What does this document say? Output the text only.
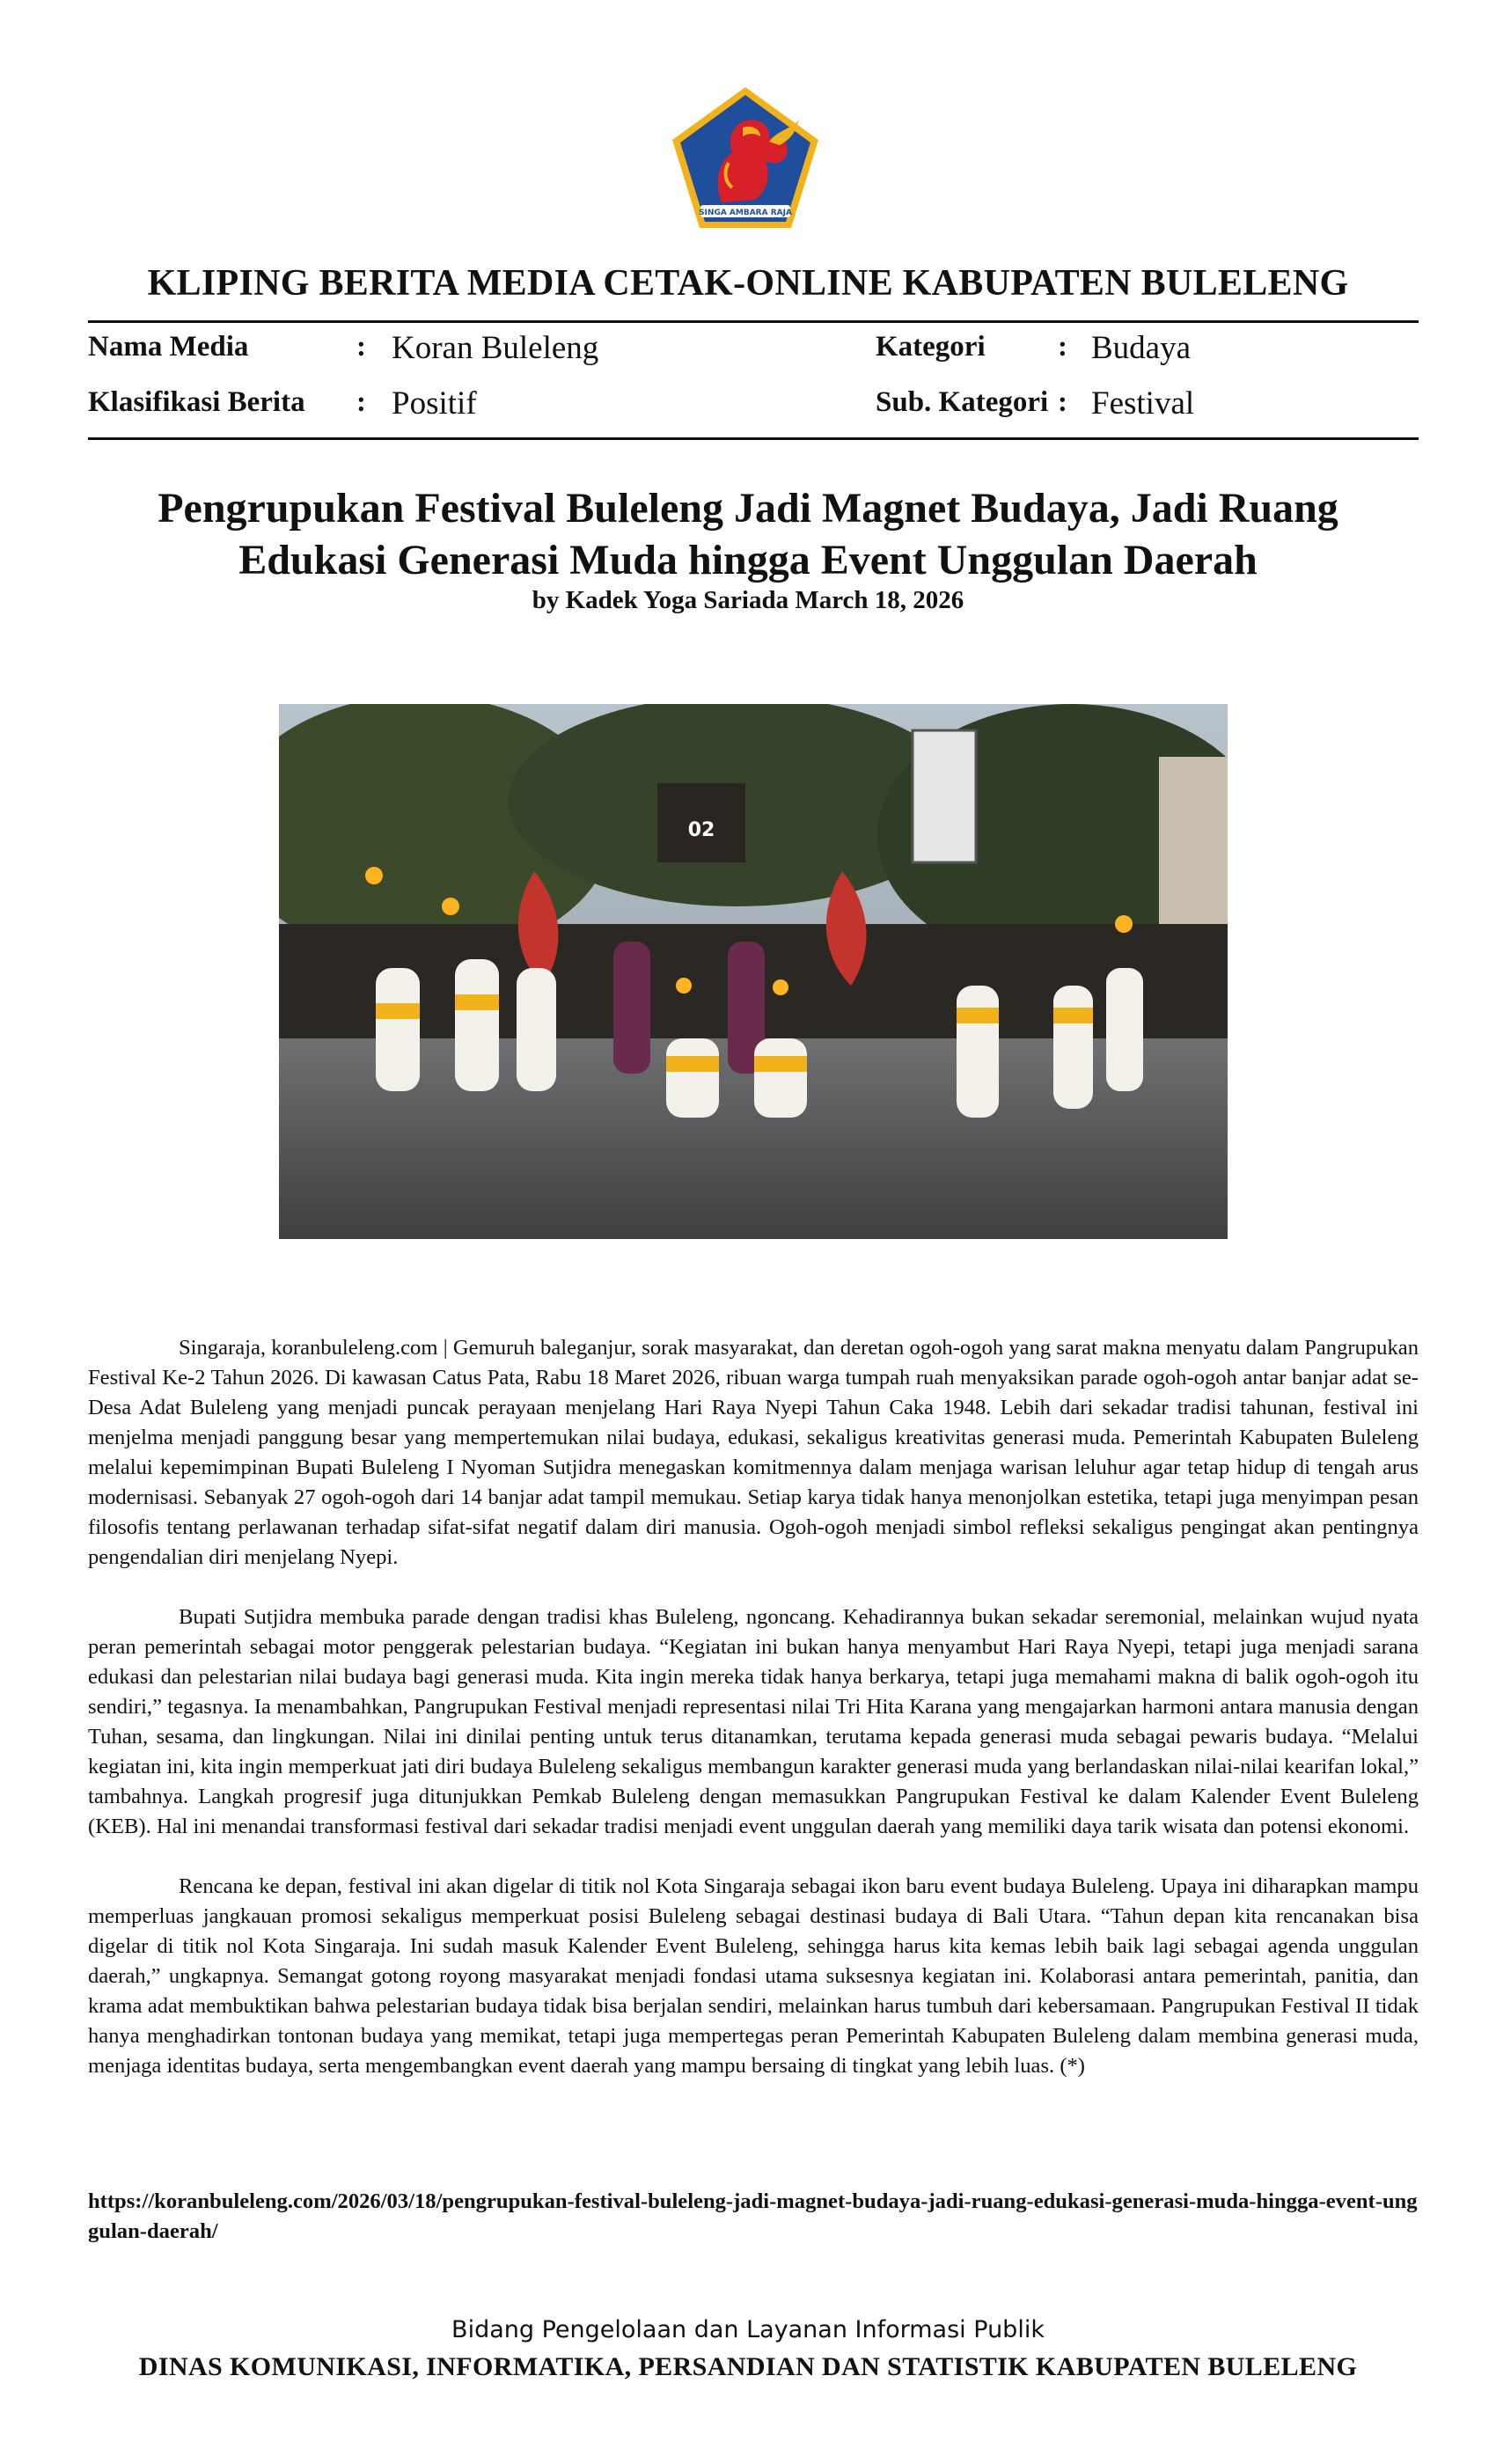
SINGA AMBARA RAJA
KLIPING BERITA MEDIA CETAK-ONLINE KABUPATEN BULELENG
Nama Media	: Koran Buleleng	Kategori : Budaya
Klasifikasi Berita : Positif	Sub. Kategori : Festival
Pengrupukan Festival Buleleng Jadi Magnet Budaya, Jadi Ruang Edukasi Generasi Muda hingga Event Unggulan Daerah
by Kadek Yoga Sariada March 18, 2026
02

Singaraja, koranbuleleng.com | Gemuruh baleganjur, sorak masyarakat, dan deretan ogoh-ogoh yang sarat makna menyatu dalam Pangrupukan Festival Ke-2 Tahun 2026. Di kawasan Catus Pata, Rabu 18 Maret 2026, ribuan warga tumpah ruah menyaksikan parade ogoh-ogoh antar banjar adat se-Desa Adat Buleleng yang menjadi puncak perayaan menjelang Hari Raya Nyepi Tahun Caka 1948. Lebih dari sekadar tradisi tahunan, festival ini menjelma menjadi panggung besar yang mempertemukan nilai budaya, edukasi, sekaligus kreativitas generasi muda. Pemerintah Kabupaten Buleleng melalui kepemimpinan Bupati Buleleng I Nyoman Sutjidra menegaskan komitmennya dalam menjaga warisan leluhur agar tetap hidup di tengah arus modernisasi. Sebanyak 27 ogoh-ogoh dari 14 banjar adat tampil memukau. Setiap karya tidak hanya menonjolkan estetika, tetapi juga menyimpan pesan filosofis tentang perlawanan terhadap sifat-sifat negatif dalam diri manusia. Ogoh-ogoh menjadi simbol refleksi sekaligus pengingat akan pentingnya pengendalian diri menjelang Nyepi.

Bupati Sutjidra membuka parade dengan tradisi khas Buleleng, ngoncang. Kehadirannya bukan sekadar seremonial, melainkan wujud nyata peran pemerintah sebagai motor penggerak pelestarian budaya. “Kegiatan ini bukan hanya menyambut Hari Raya Nyepi, tetapi juga menjadi sarana edukasi dan pelestarian nilai budaya bagi generasi muda. Kita ingin mereka tidak hanya berkarya, tetapi juga memahami makna di balik ogoh-ogoh itu sendiri,” tegasnya. Ia menambahkan, Pangrupukan Festival menjadi representasi nilai Tri Hita Karana yang mengajarkan harmoni antara manusia dengan Tuhan, sesama, dan lingkungan. Nilai ini dinilai penting untuk terus ditanamkan, terutama kepada generasi muda sebagai pewaris budaya. “Melalui kegiatan ini, kita ingin memperkuat jati diri budaya Buleleng sekaligus membangun karakter generasi muda yang berlandaskan nilai-nilai kearifan lokal,” tambahnya. Langkah progresif juga ditunjukkan Pemkab Buleleng dengan memasukkan Pangrupukan Festival ke dalam Kalender Event Buleleng (KEB). Hal ini menandai transformasi festival dari sekadar tradisi menjadi event unggulan daerah yang memiliki daya tarik wisata dan potensi ekonomi.

Rencana ke depan, festival ini akan digelar di titik nol Kota Singaraja sebagai ikon baru event budaya Buleleng. Upaya ini diharapkan mampu memperluas jangkauan promosi sekaligus memperkuat posisi Buleleng sebagai destinasi budaya di Bali Utara. “Tahun depan kita rencanakan bisa digelar di titik nol Kota Singaraja. Ini sudah masuk Kalender Event Buleleng, sehingga harus kita kemas lebih baik lagi sebagai agenda unggulan daerah,” ungkapnya. Semangat gotong royong masyarakat menjadi fondasi utama suksesnya kegiatan ini. Kolaborasi antara pemerintah, panitia, dan krama adat membuktikan bahwa pelestarian budaya tidak bisa berjalan sendiri, melainkan harus tumbuh dari kebersamaan. Pangrupukan Festival II tidak hanya menghadirkan tontonan budaya yang memikat, tetapi juga mempertegas peran Pemerintah Kabupaten Buleleng dalam membina generasi muda, menjaga identitas budaya, serta mengembangkan event daerah yang mampu bersaing di tingkat yang lebih luas. (*)

https://koranbuleleng.com/2026/03/18/pengrupukan-festival-buleleng-jadi-magnet-budaya-jadi-ruang-edukasi-generasi-muda-hingga-event-unggulan-daerah/
Bidang Pengelolaan dan Layanan Informasi Publik
DINAS KOMUNIKASI, INFORMATIKA, PERSANDIAN DAN STATISTIK KABUPATEN BULELENG
